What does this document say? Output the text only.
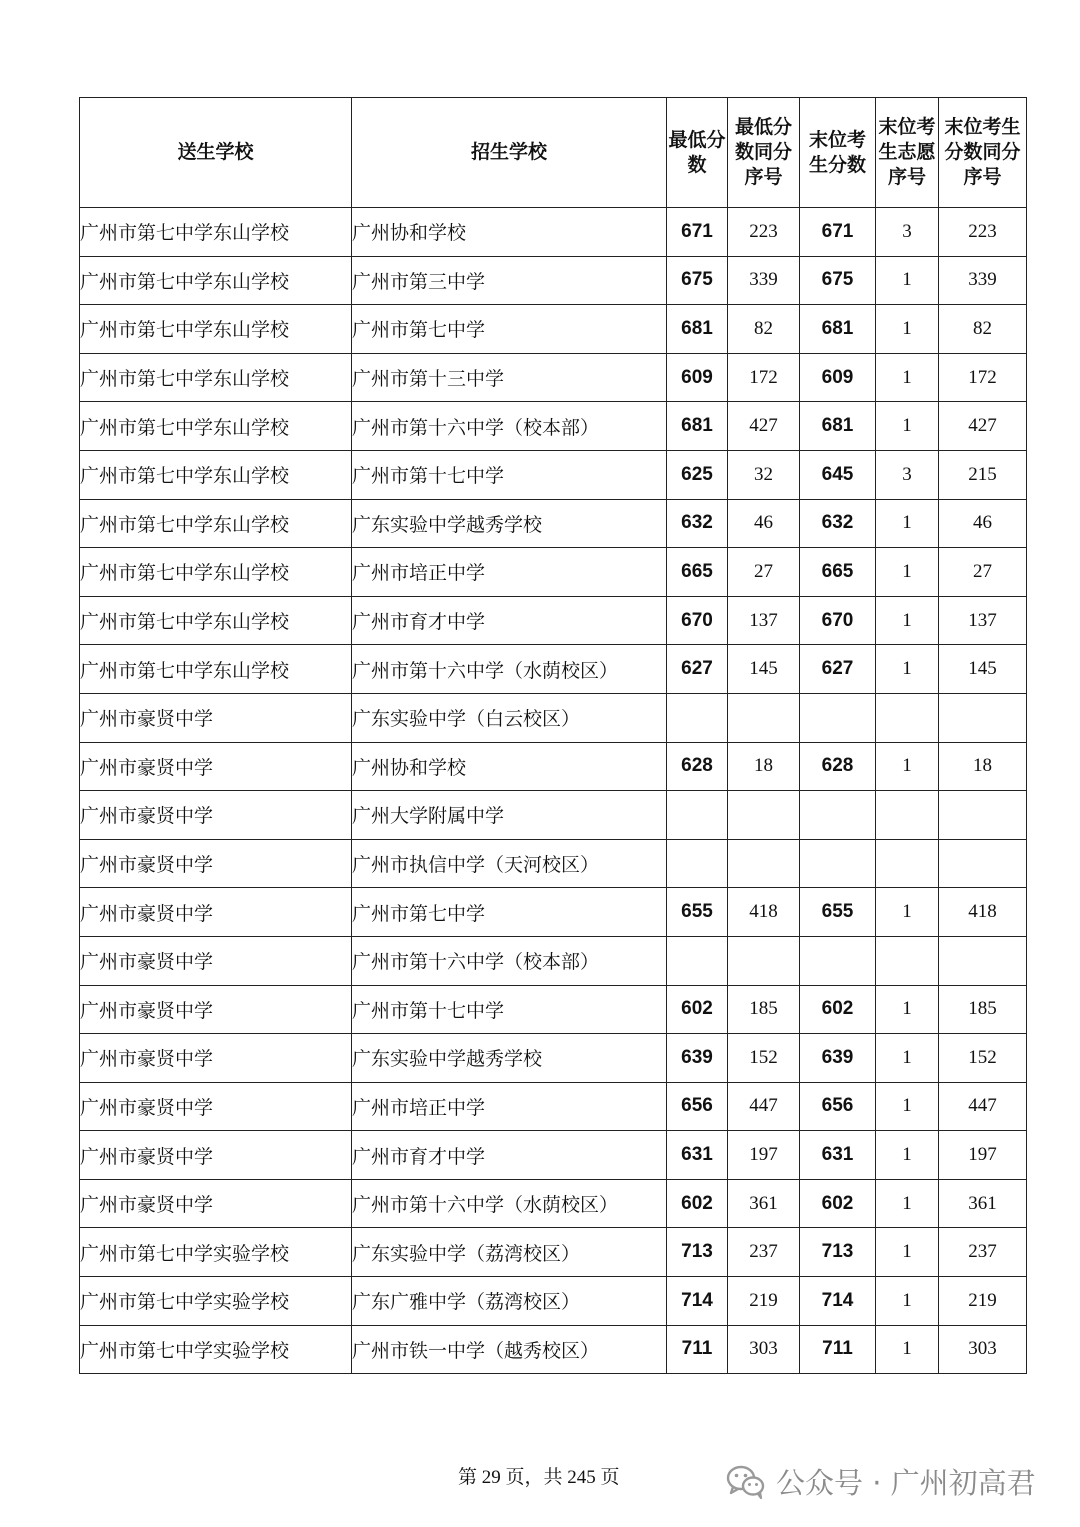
送生学校	招生学校	最低分数	最低分数同分序号	末位考生分数	末位考生志愿序号	末位考生分数同分序号
广州市第七中学东山学校	广州协和学校	671	223	671	3	223
广州市第七中学东山学校	广州市第三中学	675	339	675	1	339
广州市第七中学东山学校	广州市第七中学	681	82	681	1	82
广州市第七中学东山学校	广州市第十三中学	609	172	609	1	172
广州市第七中学东山学校	广州市第十六中学（校本部）	681	427	681	1	427
广州市第七中学东山学校	广州市第十七中学	625	32	645	3	215
广州市第七中学东山学校	广东实验中学越秀学校	632	46	632	1	46
广州市第七中学东山学校	广州市培正中学	665	27	665	1	27
广州市第七中学东山学校	广州市育才中学	670	137	670	1	137
广州市第七中学东山学校	广州市第十六中学（水荫校区）	627	145	627	1	145
广州市豪贤中学	广东实验中学（白云校区）					
广州市豪贤中学	广州协和学校	628	18	628	1	18
广州市豪贤中学	广州大学附属中学					
广州市豪贤中学	广州市执信中学（天河校区）					
广州市豪贤中学	广州市第七中学	655	418	655	1	418
广州市豪贤中学	广州市第十六中学（校本部）					
广州市豪贤中学	广州市第十七中学	602	185	602	1	185
广州市豪贤中学	广东实验中学越秀学校	639	152	639	1	152
广州市豪贤中学	广州市培正中学	656	447	656	1	447
广州市豪贤中学	广州市育才中学	631	197	631	1	197
广州市豪贤中学	广州市第十六中学（水荫校区）	602	361	602	1	361
广州市第七中学实验学校	广东实验中学（荔湾校区）	713	237	713	1	237
广州市第七中学实验学校	广东广雅中学（荔湾校区）	714	219	714	1	219
广州市第七中学实验学校	广州市铁一中学（越秀校区）	711	303	711	1	303
第 29 页，共 245 页	公众号 · 广州初高君
